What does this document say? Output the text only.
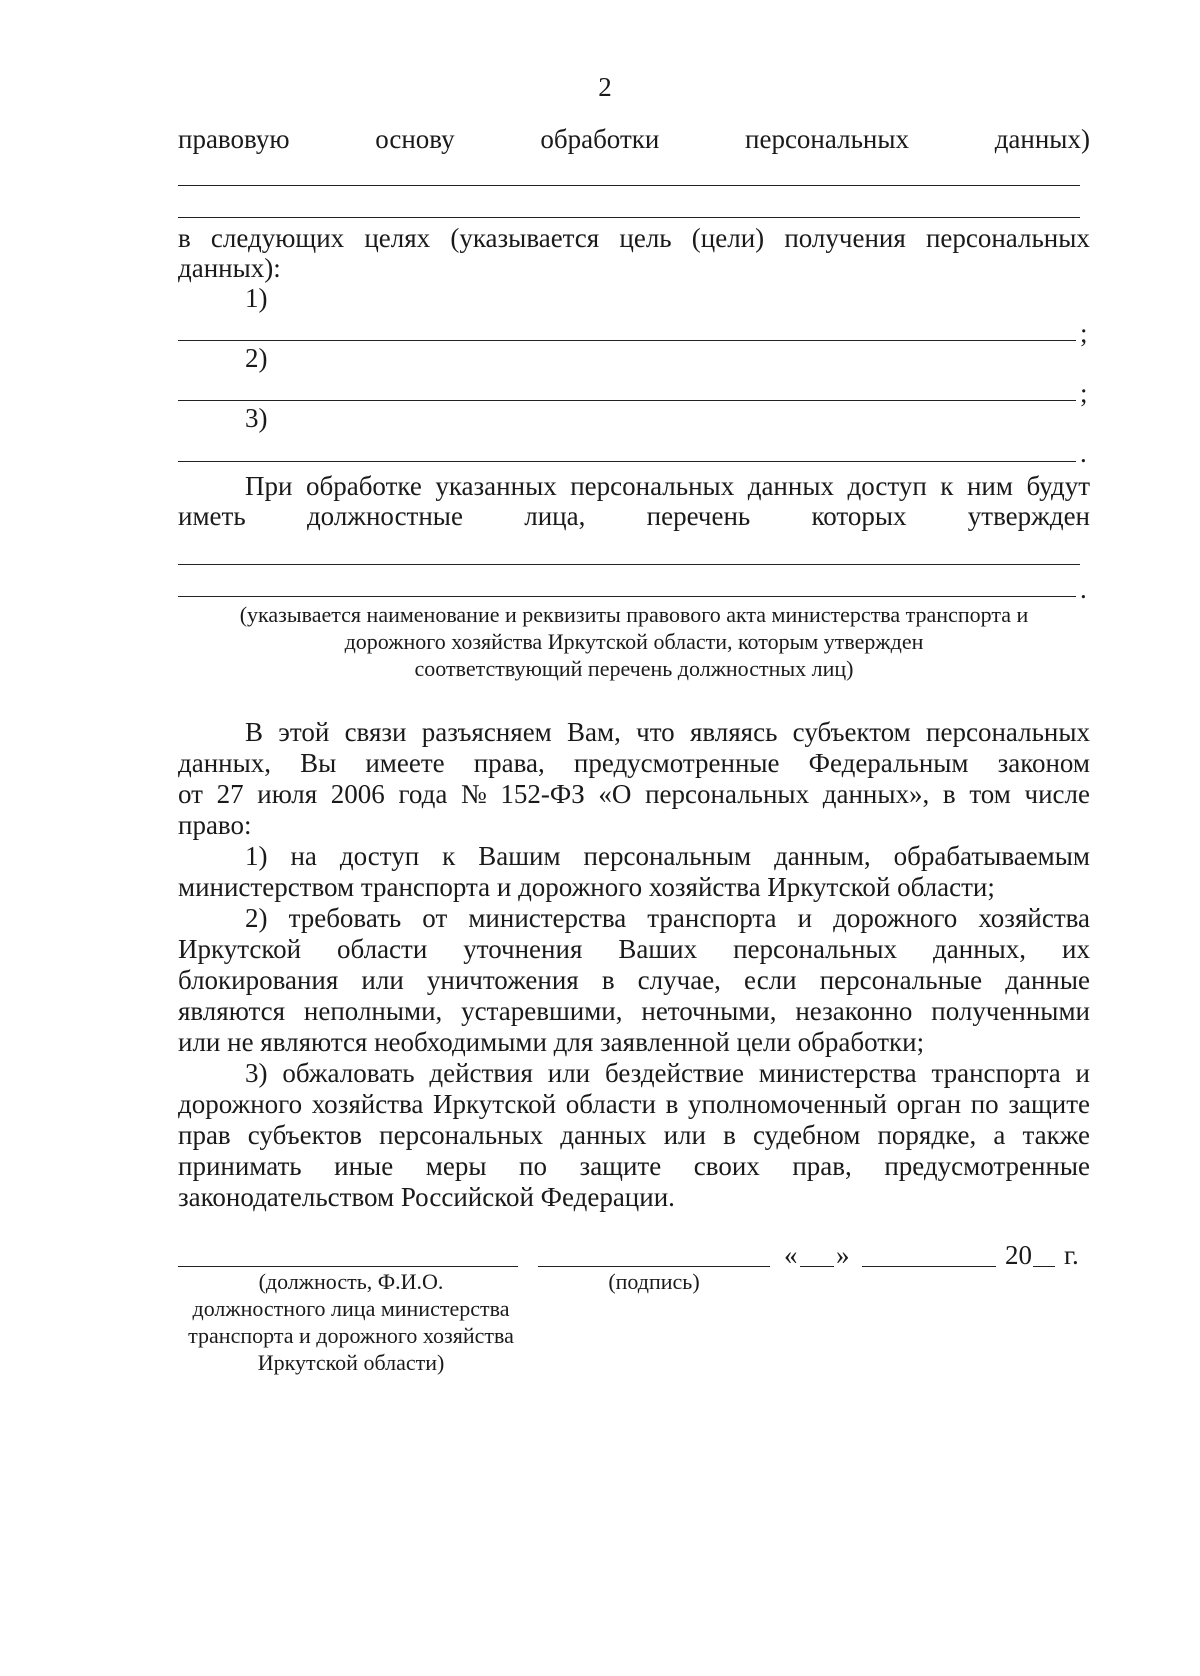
2
правовую	основу	обработки	персональных	данных)
в следующих целях (указывается цель (цели) получения персональных
данных):
1)
;
2)
;
3)
.
При обработке указанных персональных данных доступ к ним будут
иметь должностные лица, перечень которых утвержден
.
(указывается наименование и реквизиты правового акта министерства транспорта и
дорожного хозяйства Иркутской области, которым утвержден
соответствующий перечень должностных лиц)
В этой связи разъясняем Вам, что являясь субъектом персональных
данных, Вы имеете права, предусмотренные Федеральным законом
от 27 июля 2006 года № 152-ФЗ «О персональных данных», в том числе
право:
1) на доступ к Вашим персональным данным, обрабатываемым
министерством транспорта и дорожного хозяйства Иркутской области;
2) требовать от министерства транспорта и дорожного хозяйства
Иркутской области уточнения Ваших персональных данных, их
блокирования или уничтожения в случае, если персональные данные
являются неполными, устаревшими, неточными, незаконно полученными
или не являются необходимыми для заявленной цели обработки;
3) обжаловать действия или бездействие министерства транспорта и
дорожного хозяйства Иркутской области в уполномоченный орган по защите
прав субъектов персональных данных или в судебном порядке, а также
принимать иные меры по защите своих прав, предусмотренные
законодательством Российской Федерации.
« »	20 г.
(должность, Ф.И.О.
должностного лица министерства
транспорта и дорожного хозяйства
Иркутской области)
(подпись)
